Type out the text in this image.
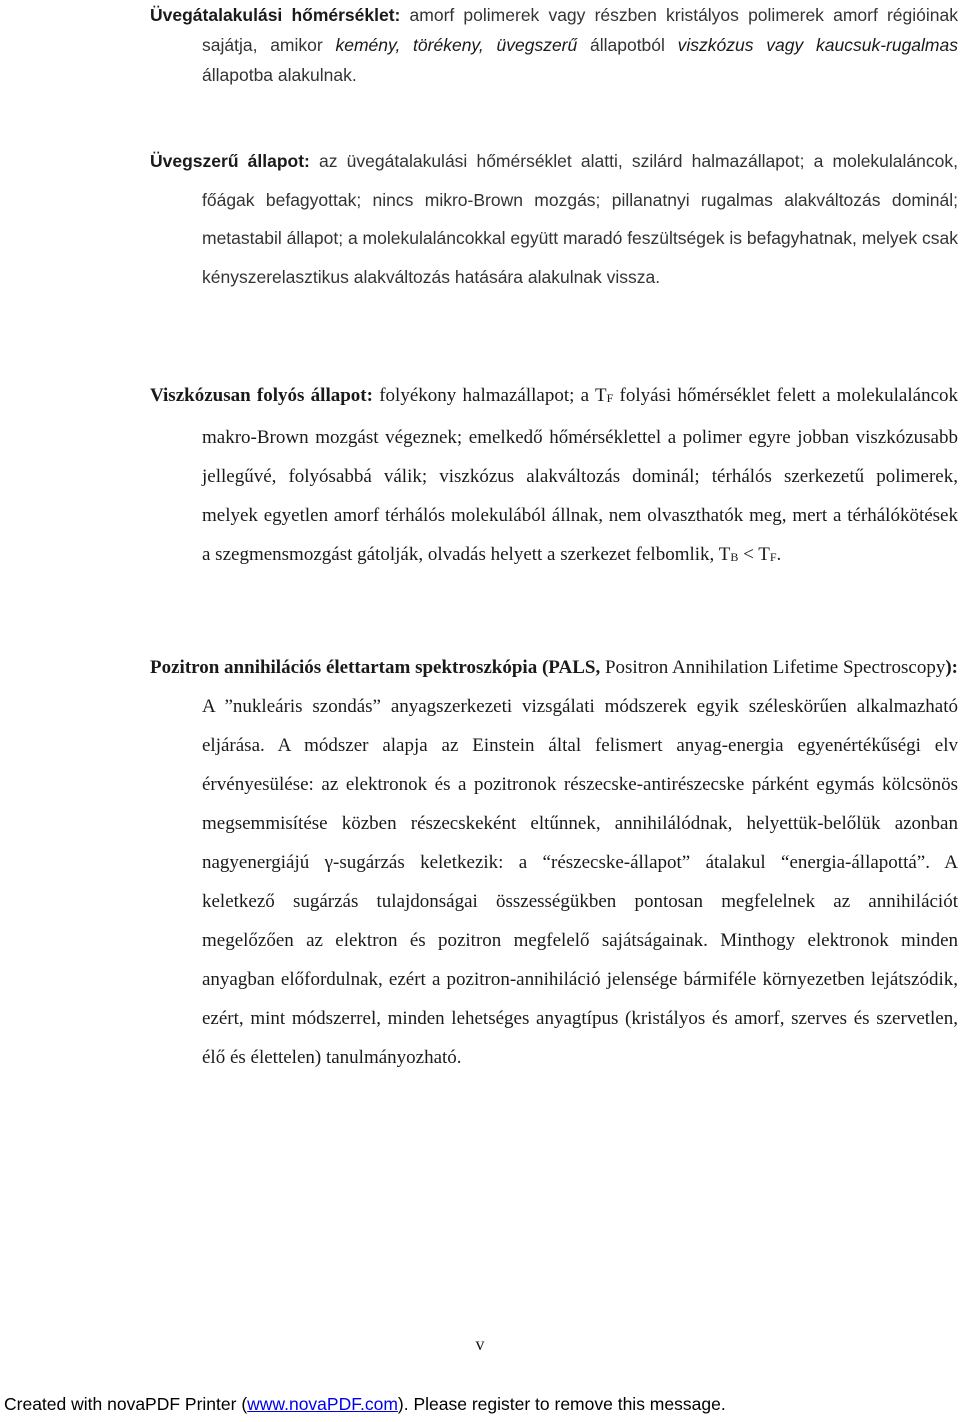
Üvegátalakulási hőmérséklet: amorf polimerek vagy részben kristályos polimerek amorf régióinak sajátja, amikor kemény, törékeny, üvegszerű állapotból viszkózus vagy kaucsuk-rugalmas állapotba alakulnak.

Üvegszerű állapot: az üvegátalakulási hőmérséklet alatti, szilárd halmazállapot; a molekulaláncok, főágak befagyottak; nincs mikro-Brown mozgás; pillanatnyi rugalmas alakváltozás dominál; metastabil állapot; a molekulaláncokkal együtt maradó feszültségek is befagyhatnak, melyek csak kényszerelasztikus alakváltozás hatására alakulnak vissza.

Viszkózusan folyós állapot: folyékony halmazállapot; a $T_F$ folyási hőmérséklet felett a molekulaláncok makro-Brown mozgást végeznek; emelkedő hőmérséklettel a polimer egyre jobban viszkózusabb jellegűvé, folyósabbá válik; viszkózus alakváltozás dominál; térhálós szerkezetű polimerek, melyek egyetlen amorf térhálós molekulából állnak, nem olvaszthatók meg, mert a térhálókötések a szegmensmozgást gátolják, olvadás helyett a szerkezet felbomlik, $T_B < T_F$.

Pozitron annihilációs élettartam spektroszkópia (PALS, Positron Annihilation Lifetime Spectroscopy): A ”nukleáris szondás” anyagszerkezeti vizsgálati módszerek egyik széleskörűen alkalmazható eljárása. A módszer alapja az Einstein által felismert anyag-energia egyenértékűségi elv érvényesülése: az elektronok és a pozitronok részecske-antirészecske párként egymás kölcsönös megsemmisítése közben részecskeként eltűnnek, annihilálódnak, helyettük-belőlük azonban nagyenergiájú γ-sugárzás keletkezik: a “részecske-állapot” átalakul “energia-állapottá”. A keletkező sugárzás tulajdonságai összességükben pontosan megfelelnek az annihilációt megelőzően az elektron és pozitron megfelelő sajátságainak. Minthogy elektronok minden anyagban előfordulnak, ezért a pozitron-annihiláció jelensége bármiféle környezetben lejátszódik, ezért, mint módszerrel, minden lehetséges anyagtípus (kristályos és amorf, szerves és szervetlen, élő és élettelen) tanulmányozható.

v
Created with novaPDF Printer (www.novaPDF.com). Please register to remove this message.
